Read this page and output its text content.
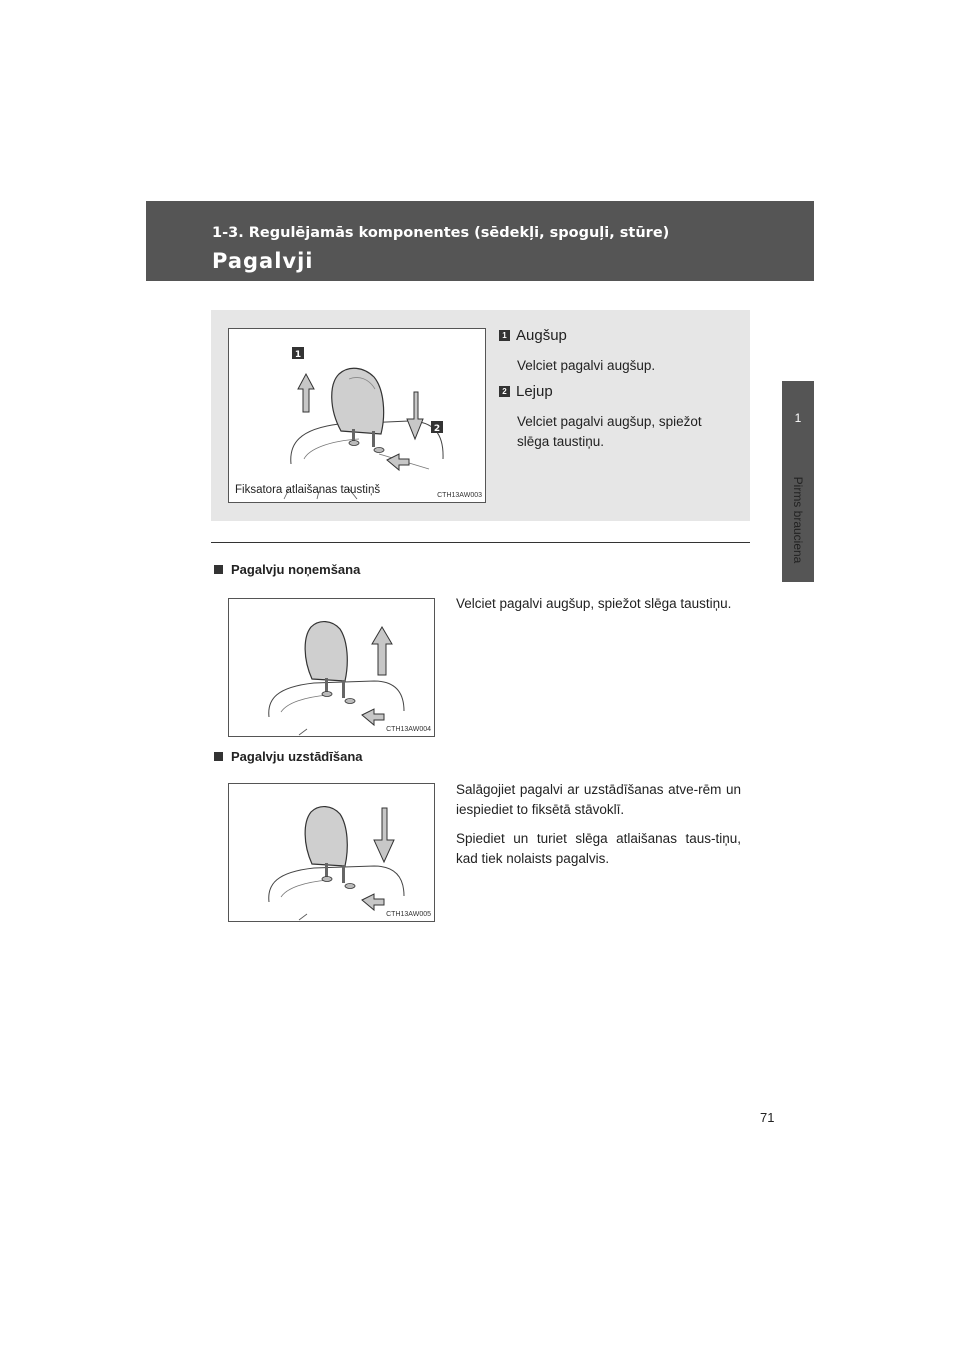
1-3. Regulējamās komponentes (sēdekļi, spoguļi, stūre)
Pagalvji
1
Pirms brauciena
1
2
Fiksatora atlaišanas taustiņš	CTH13AW003
1 Augšup
Velciet pagalvi augšup.
2 Lejup
Velciet pagalvi augšup, spiežot slēga taustiņu.
Pagalvju noņemšana
CTH13AW004

Velciet pagalvi augšup, spiežot slēga taustiņu.

Pagalvju uzstādīšana
CTH13AW005

Salāgojiet pagalvi ar uzstādīšanas atve-rēm un iespiediet to fiksētā stāvoklī.

Spiediet un turiet slēga atlaišanas taus-tiņu, kad tiek nolaists pagalvis.

71
